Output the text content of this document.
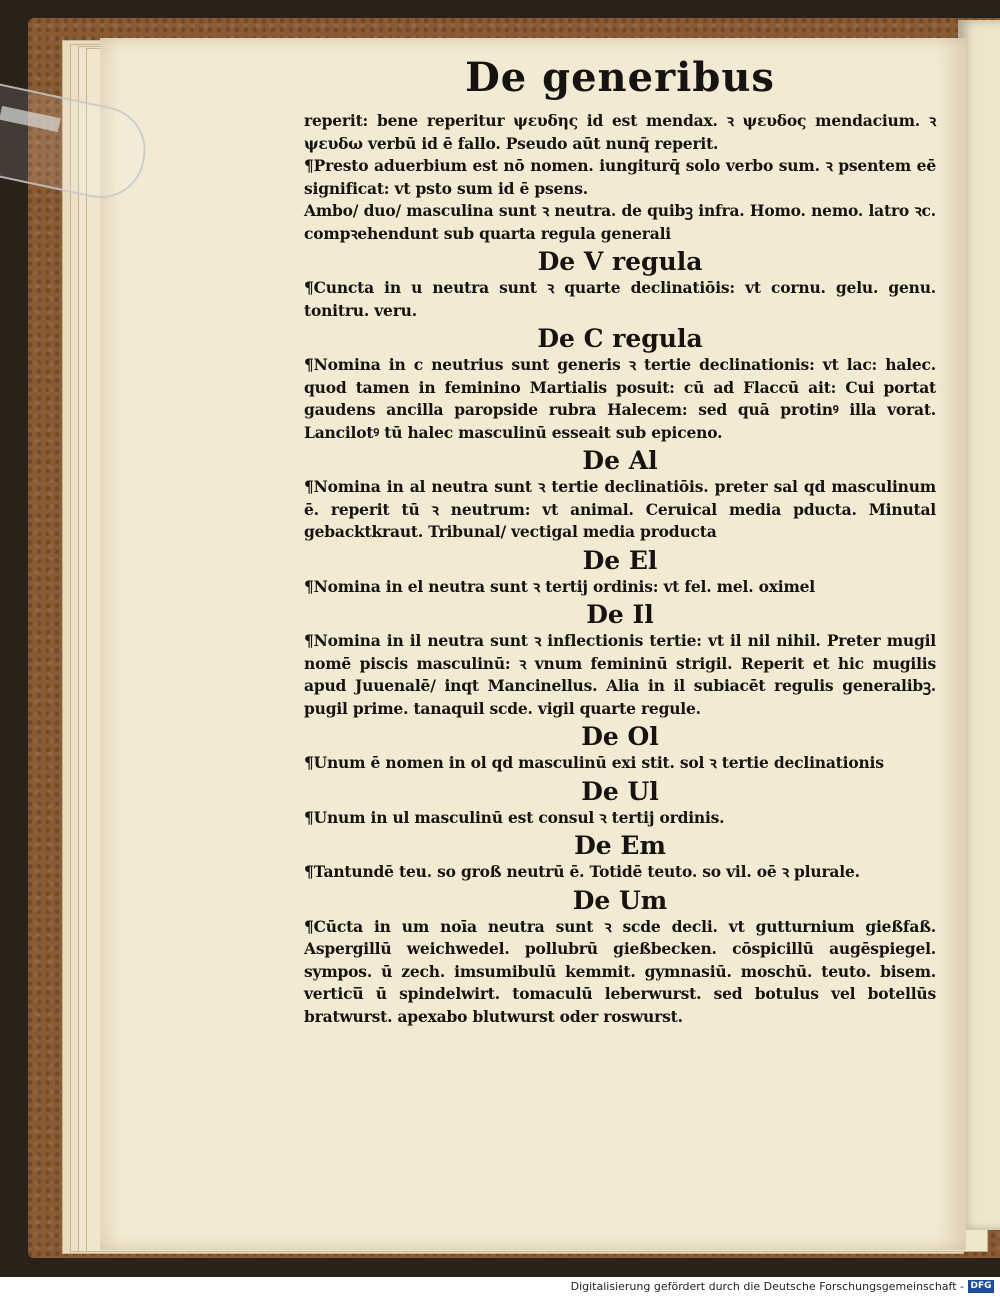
De generibus

reperit: bene reperitur ψευδης id est mendax. ꝛ ψευδος mendacium. ꝛ ψευδω verbū id ē fallo. Pseudo aūt nunq̄ reperit.

¶Presto aduerbium est nō nomen. iungiturq̄ solo verbo sum. ꝛ psentem eē significat: vt psto sum id ē psens.

Ambo/ duo/ masculina sunt ꝛ neutra. de quibꝫ infra. Homo. nemo. latro ꝛc. compꝛehendunt sub quarta regula generali

De V regula

¶Cuncta in u neutra sunt ꝛ quarte declinatiōis: vt cornu. gelu. genu. tonitru. veru.

De C regula

¶Nomina in c neutrius sunt generis ꝛ tertie declinationis: vt lac: halec. quod tamen in feminino Martialis posuit: cū ad Flaccū ait: Cui portat gaudens ancilla paropside rubra Halecem: sed quā protinꝰ illa vorat. Lancilotꝰ tū halec masculinū esseait sub epiceno.

De Al

¶Nomina in al neutra sunt ꝛ tertie declinatiōis. preter sal qd masculinum ē. reperit tū ꝛ neutrum: vt animal. Ceruical media pducta. Minutal gebacktkraut. Tribunal/ vectigal media producta

De El

¶Nomina in el neutra sunt ꝛ tertij ordinis: vt fel. mel. oximel

De Il

¶Nomina in il neutra sunt ꝛ inflectionis tertie: vt il nil nihil. Preter mugil nomē piscis masculinū: ꝛ vnum femininū strigil. Reperit et hic mugilis apud Juuenalē/ inqt Mancinellus. Alia in il subiacēt regulis generalibꝫ. pugil prime. tanaquil scde. vigil quarte regule.

De Ol

¶Unum ē nomen in ol qd masculinū exi stit. sol ꝛ tertie declinationis

De Ul

¶Unum in ul masculinū est consul ꝛ tertij ordinis.

De Em

¶Tantundē teu. so groß neutrū ē. Totidē teuto. so vil. oē ꝛ plurale.

De Um

¶Cūcta in um noīa neutra sunt ꝛ scde decli. vt gutturnium gießfaß. Aspergillū weichwedel. pollubrū gießbecken. cōspicillū augēspiegel. sympos. ū zech. imsumibulū kemmit. gymnasiū. moschū. teuto. bisem. verticu̅ ū spindelwirt. tomaculū leberwurst. sed botulus vel botellūs bratwurst. apexabo blutwurst oder roswurst.

Digitalisierung gefördert durch die Deutsche Forschungsgemeinschaft - DFG
